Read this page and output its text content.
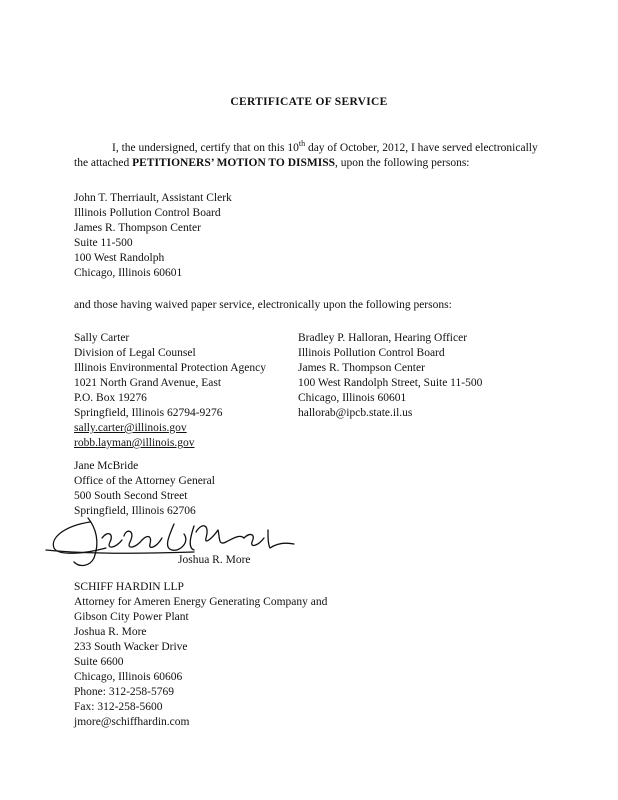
CERTIFICATE OF SERVICE
I, the undersigned, certify that on this 10th day of October, 2012, I have served electronically the attached PETITIONERS’ MOTION TO DISMISS, upon the following persons:
John T. Therriault, Assistant Clerk
Illinois Pollution Control Board
James R. Thompson Center
Suite 11-500
100 West Randolph
Chicago, Illinois 60601
and those having waived paper service, electronically upon the following persons:
Sally Carter
Division of Legal Counsel
Illinois Environmental Protection Agency
1021 North Grand Avenue, East
P.O. Box 19276
Springfield, Illinois 62794-9276
sally.carter@illinois.gov
robb.layman@illinois.gov
Bradley P. Halloran, Hearing Officer
Illinois Pollution Control Board
James R. Thompson Center
100 West Randolph Street, Suite 11-500
Chicago, Illinois 60601
hallorab@ipcb.state.il.us
Jane McBride
Office of the Attorney General
500 South Second Street
Springfield, Illinois 62706
Joshua R. More
SCHIFF HARDIN LLP
Attorney for Ameren Energy Generating Company and
Gibson City Power Plant
Joshua R. More
233 South Wacker Drive
Suite 6600
Chicago, Illinois 60606
Phone: 312-258-5769
Fax: 312-258-5600
jmore@schiffhardin.com
